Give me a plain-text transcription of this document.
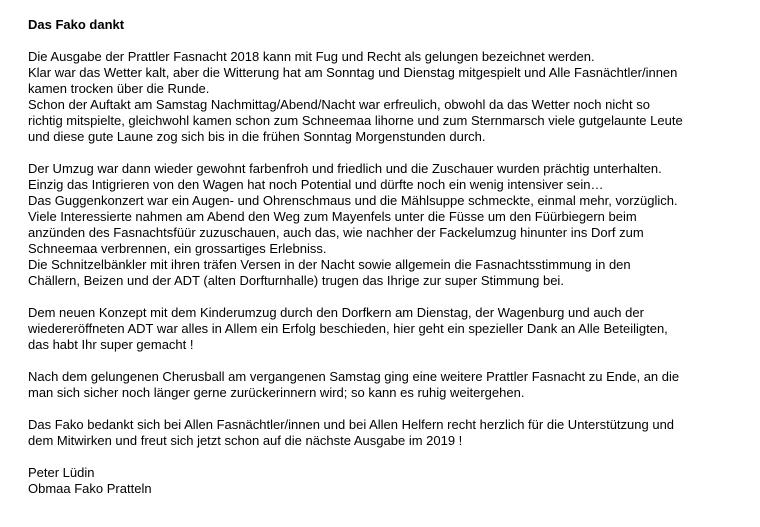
Das Fako dankt

Die Ausgabe der Prattler Fasnacht 2018 kann mit Fug und Recht als gelungen bezeichnet werden.
Klar war das Wetter kalt, aber die Witterung hat am Sonntag und Dienstag mitgespielt und Alle Fasnächtler/innen
kamen trocken über die Runde.
Schon der Auftakt am Samstag Nachmittag/Abend/Nacht war erfreulich, obwohl da das Wetter noch nicht so
richtig mitspielte, gleichwohl kamen schon zum Schneemaa lihorne und zum Sternmarsch viele gutgelaunte Leute
und diese gute Laune zog sich bis in die frühen Sonntag Morgenstunden durch.

Der Umzug war dann wieder gewohnt farbenfroh und friedlich und die Zuschauer wurden prächtig unterhalten.
Einzig das Intigrieren von den Wagen hat noch Potential und dürfte noch ein wenig intensiver sein…
Das Guggenkonzert war ein Augen- und Ohrenschmaus und die Mählsuppe schmeckte, einmal mehr, vorzüglich.
Viele Interessierte nahmen am Abend den Weg zum Mayenfels unter die Füsse um den Füürbiegern beim
anzünden des Fasnachtsfüür zuzuschauen, auch das, wie nachher der Fackelumzug hinunter ins Dorf zum
Schneemaa verbrennen, ein grossartiges Erlebniss.
Die Schnitzelbänkler mit ihren träfen Versen in der Nacht sowie allgemein die Fasnachtsstimmung in den
Chällern, Beizen und der ADT (alten Dorfturnhalle) trugen das Ihrige zur super Stimmung bei.

Dem neuen Konzept mit dem Kinderumzug durch den Dorfkern am Dienstag, der Wagenburg und auch der
wiedereröffneten ADT war alles in Allem ein Erfolg beschieden, hier geht ein spezieller Dank an Alle Beteiligten,
das habt Ihr super gemacht !

Nach dem gelungenen Cherusball am vergangenen Samstag ging eine weitere Prattler Fasnacht zu Ende, an die
man sich sicher noch länger gerne zurückerinnern wird; so kann es ruhig weitergehen.

Das Fako bedankt sich bei Allen Fasnächtler/innen und bei Allen Helfern recht herzlich für die Unterstützung und
dem Mitwirken und freut sich jetzt schon auf die nächste Ausgabe im 2019 !

Peter Lüdin
Obmaa Fako Pratteln
